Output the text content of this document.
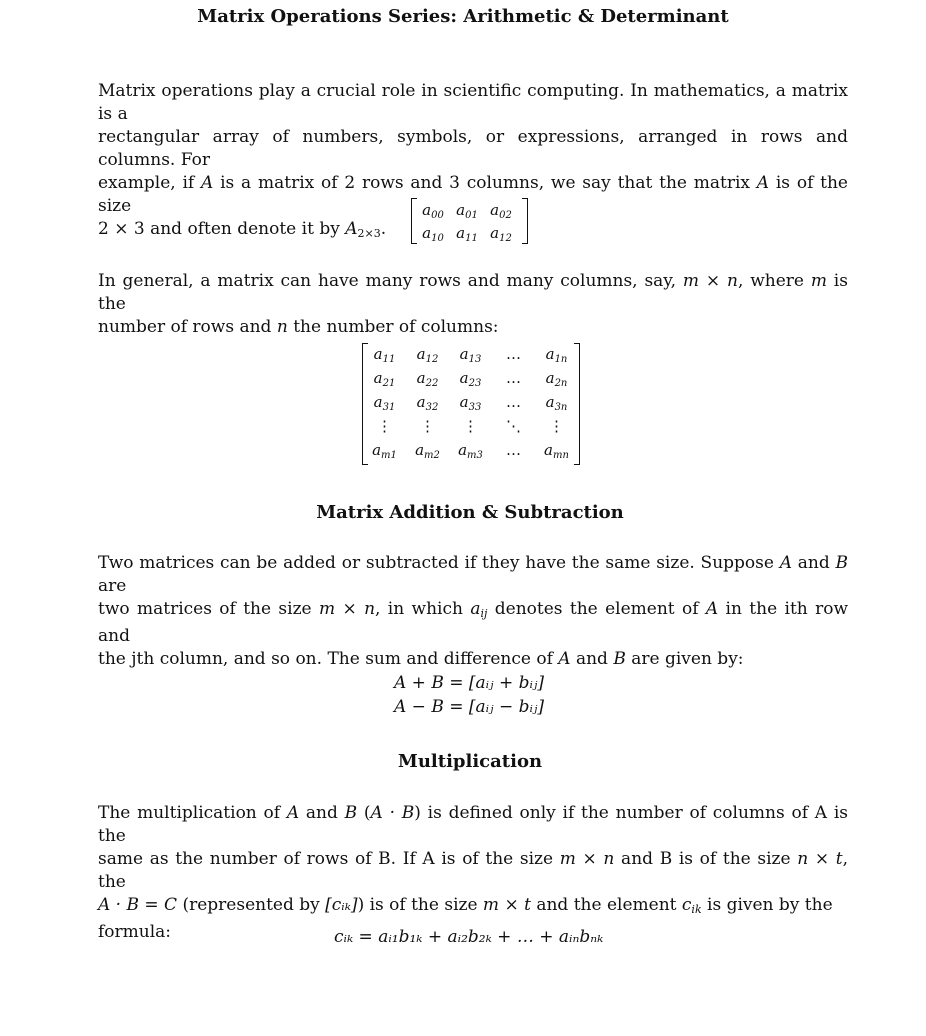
Matrix Operations Series: Arithmetic & Determinant
Matrix operations play a crucial role in scientific computing. In mathematics, a matrix is a
rectangular array of numbers, symbols, or expressions, arranged in rows and columns. For
example, if A is a matrix of 2 rows and 3 columns, we say that the matrix A is of the size
2 × 3 and often denote it by $A_{2\times 3}$.
$a_{00}$ $a_{01}$ $a_{02}$
$a_{10}$ $a_{11}$ $a_{12}$
In general, a matrix can have many rows and many columns, say, m × n, where m is the
number of rows and n the number of columns:
$a_{11}$	$a_{12}$	$a_{13}$	…	$a_{1n}$
$a_{21}$	$a_{22}$	$a_{23}$	…	$a_{2n}$
$a_{31}$	$a_{32}$	$a_{33}$	…	$a_{3n}$
⋮	⋮	⋮	⋱	⋮
$a_{m1}$	$a_{m2}$	$a_{m3}$	…	$a_{mn}$
Matrix Addition & Subtraction
Two matrices can be added or subtracted if they have the same size. Suppose A and B are
two matrices of the size m × n, in which $a_{ij}$ denotes the element of A in the ith row and
the jth column, and so on. The sum and difference of A and B are given by:
A + B = [aᵢⱼ + bᵢⱼ]
A − B = [aᵢⱼ − bᵢⱼ]
Multiplication
The multiplication of A and B (A · B) is defined only if the number of columns of A is the
same as the number of rows of B. If A is of the size m × n and B is of the size n × t, the
A · B = C (represented by [cᵢₖ]) is of the size m × t and the element $c_{ik}$ is given by the
formula:	cᵢₖ = aᵢ₁b₁ₖ + aᵢ₂b₂ₖ + … + aᵢₙbₙₖ
